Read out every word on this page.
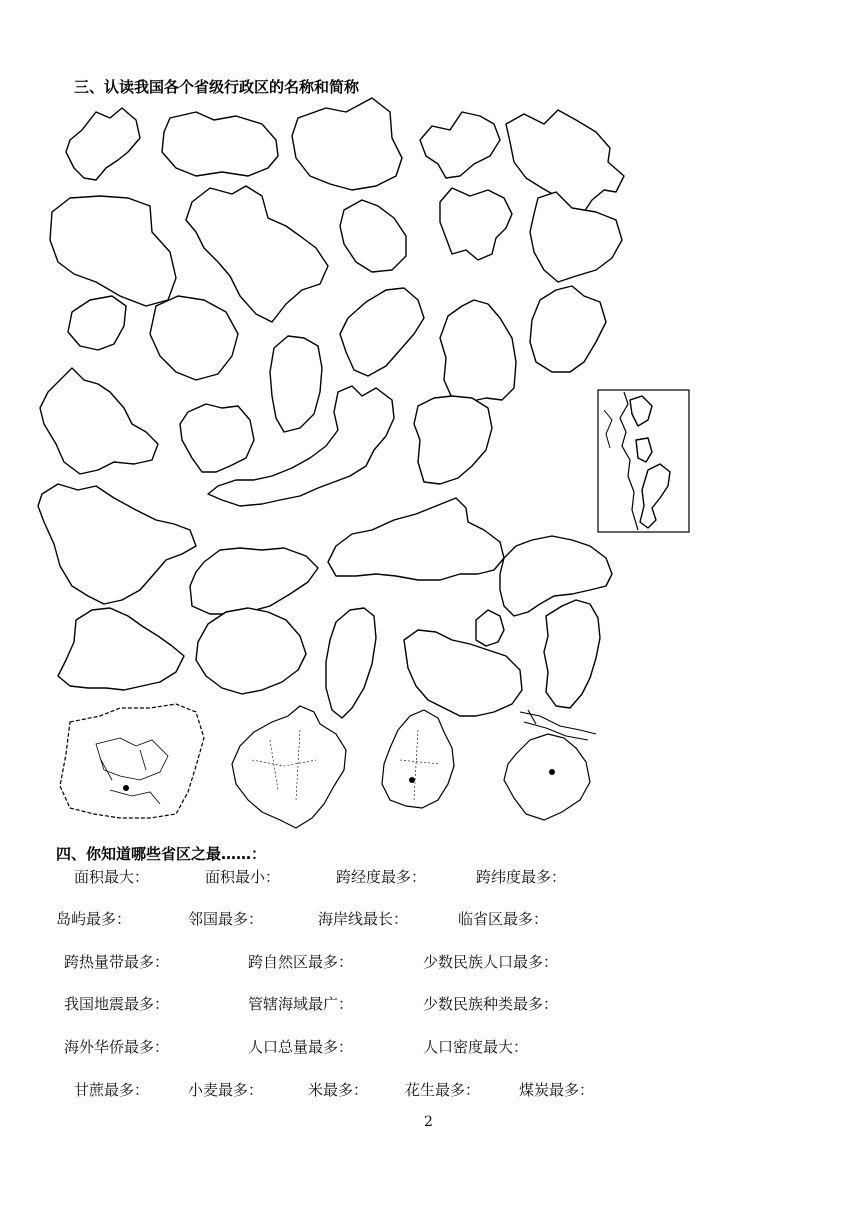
三、认读我国各个省级行政区的名称和简称
四、你知道哪些省区之最……：
面积最大：	面积最小：	跨经度最多：	跨纬度最多：
岛屿最多：	邻国最多：	海岸线最长：	临省区最多：
跨热量带最多：	跨自然区最多：	少数民族人口最多：
我国地震最多：	管辖海域最广：	少数民族种类最多：
海外华侨最多：	人口总量最多：	人口密度最大：
甘蔗最多：	小麦最多：	米最多： 花生最多：	煤炭最多：
2
